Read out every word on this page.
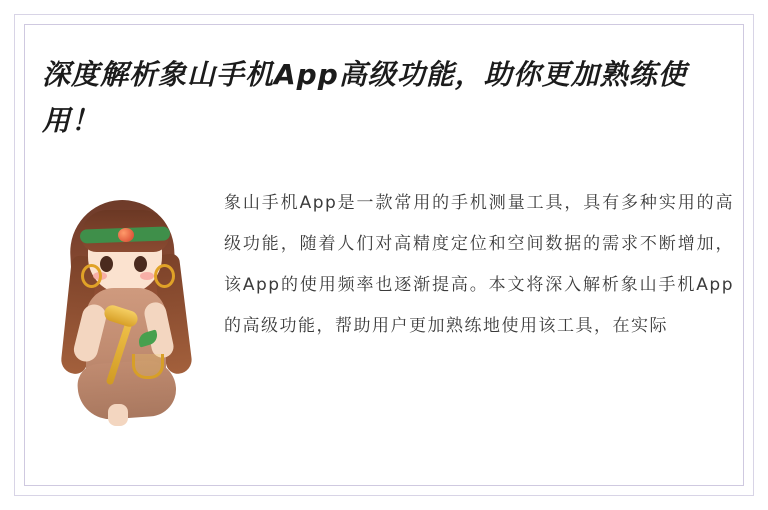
深度解析象山手机App高级功能，助你更加熟练使用！

象山手机App是一款常用的手机测量工具，具有多种实用的高级功能，随着人们对高精度定位和空间数据的需求不断增加，该App的使用频率也逐渐提高。本文将深入解析象山手机App的高级功能，帮助用户更加熟练地使用该工具，在实际
